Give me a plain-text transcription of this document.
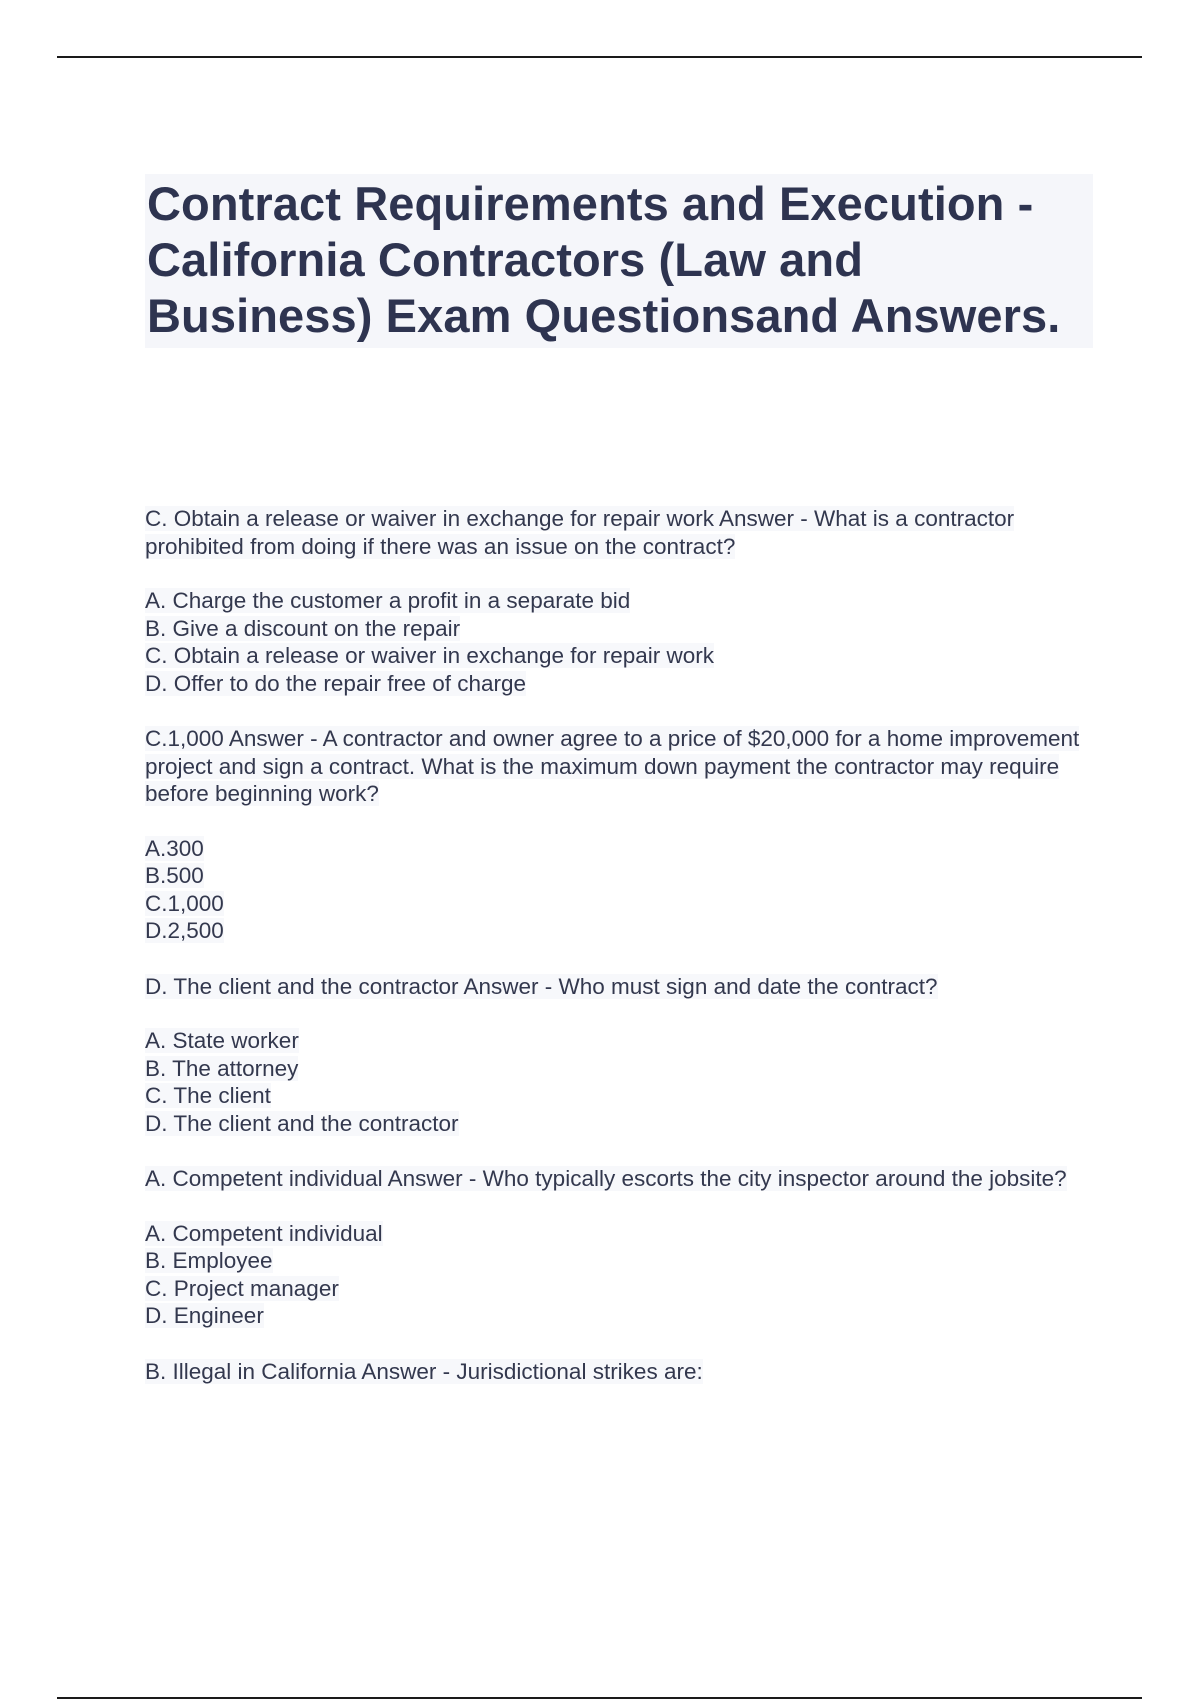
Contract Requirements and Execution - California Contractors (Law and Business) Exam Questionsand Answers.

C. Obtain a release or waiver in exchange for repair work Answer - What is a contractor prohibited from doing if there was an issue on the contract?

A. Charge the customer a profit in a separate bid
B. Give a discount on the repair
C. Obtain a release or waiver in exchange for repair work
D. Offer to do the repair free of charge

C.1,000 Answer - A contractor and owner agree to a price of $20,000 for a home improvement project and sign a contract. What is the maximum down payment the contractor may require before beginning work?

A.300
B.500
C.1,000
D.2,500

D. The client and the contractor Answer - Who must sign and date the contract?

A. State worker
B. The attorney
C. The client
D. The client and the contractor

A. Competent individual Answer - Who typically escorts the city inspector around the jobsite?

A. Competent individual
B. Employee
C. Project manager
D. Engineer

B. Illegal in California Answer - Jurisdictional strikes are:
